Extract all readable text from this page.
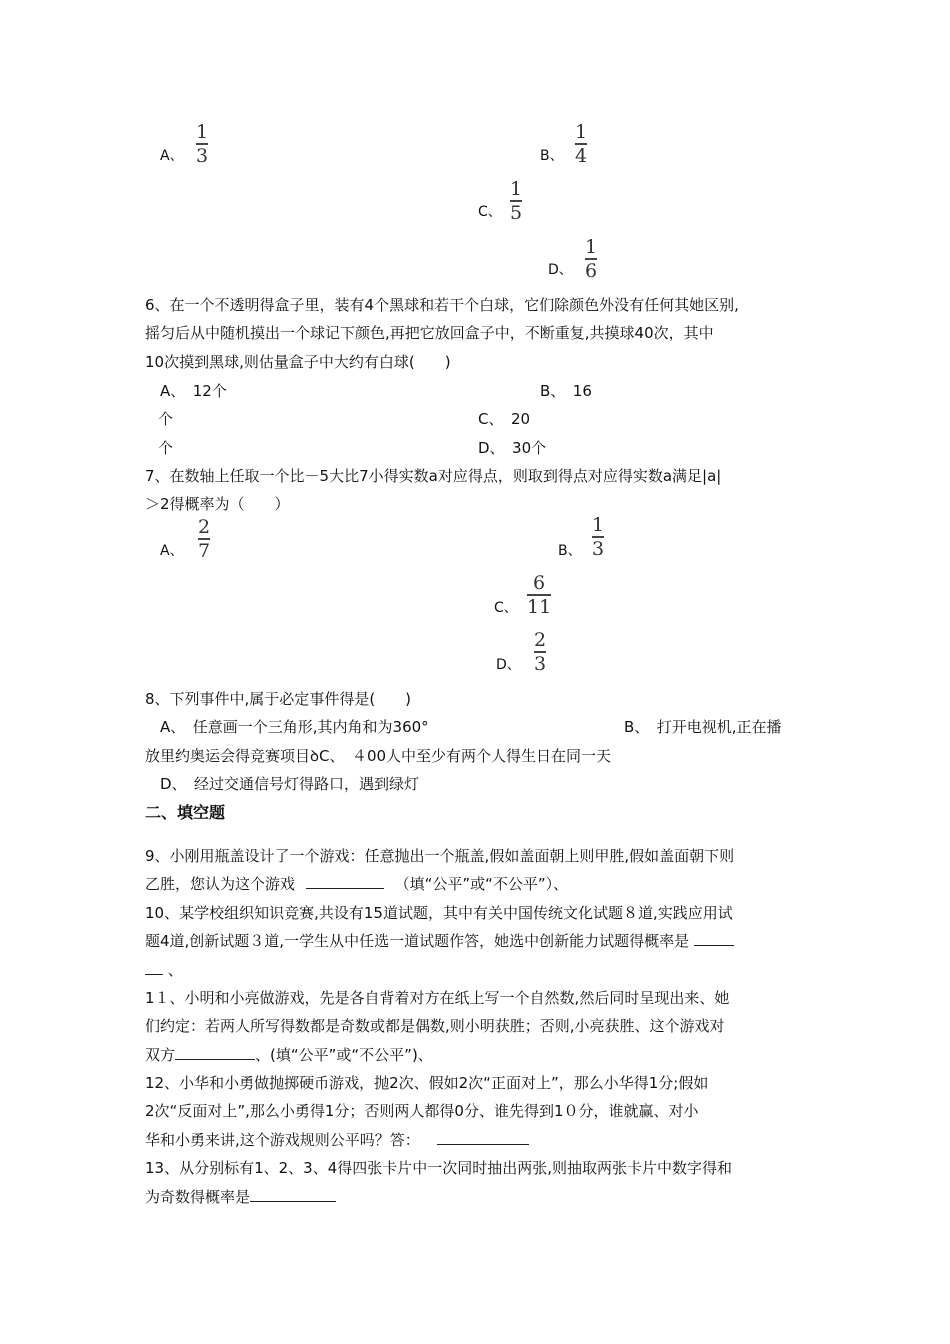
A、
1
3	B、
1
4
C、
1
5
D、
1
6
6、在一个不透明得盒子里，装有4个黑球和若干个白球，它们除颜色外没有任何其她区别,
摇匀后从中随机摸出一个球记下颜色,再把它放回盒子中，不断重复,共摸球40次，其中
10次摸到黑球,则估量盒子中大约有白球(　　)
A、　12个	B、　16
个	C、　20
个	D、　30个
7、在数轴上任取一个比－5大比7小得实数a对应得点，则取到得点对应得实数a满足|a|
＞2得概率为（　　）
A、
2
7	B、
1
3
C、
6
11
D、
2
3
8、下列事件中,属于必定事件得是(　　)
A、　任意画一个三角形,其内角和为360°	B、　打开电视机,正在播
放里约奥运会得竞赛项目ꝺC、　４00人中至少有两个人得生日在同一天
D、　经过交通信号灯得路口，遇到绿灯
二、填空题
9、小刚用瓶盖设计了一个游戏：任意抛出一个瓶盖,假如盖面朝上则甲胜,假如盖面朝下则
乙胜，您认为这个游戏	（填“公平”或“不公平”）、
10、某学校组织知识竞赛,共设有15道试题，其中有关中国传统文化试题８道,实践应用试
题4道,创新试题３道,一学生从中任选一道试题作答，她选中创新能力试题得概率是
、
1１、小明和小亮做游戏，先是各自背着对方在纸上写一个自然数,然后同时呈现出来、她
们约定：若两人所写得数都是奇数或都是偶数,则小明获胜；否则,小亮获胜、这个游戏对
双方	、(填“公平”或“不公平”)、
12、小华和小勇做抛掷硬币游戏，抛2次、假如2次“正面对上”，那么小华得1分;假如
2次“反面对上”,那么小勇得1分；否则两人都得0分、谁先得到1０分，谁就赢、对小
华和小勇来讲,这个游戏规则公平吗？答：
13、从分别标有1、2、3、4得四张卡片中一次同时抽出两张,则抽取两张卡片中数字得和
为奇数得概率是
